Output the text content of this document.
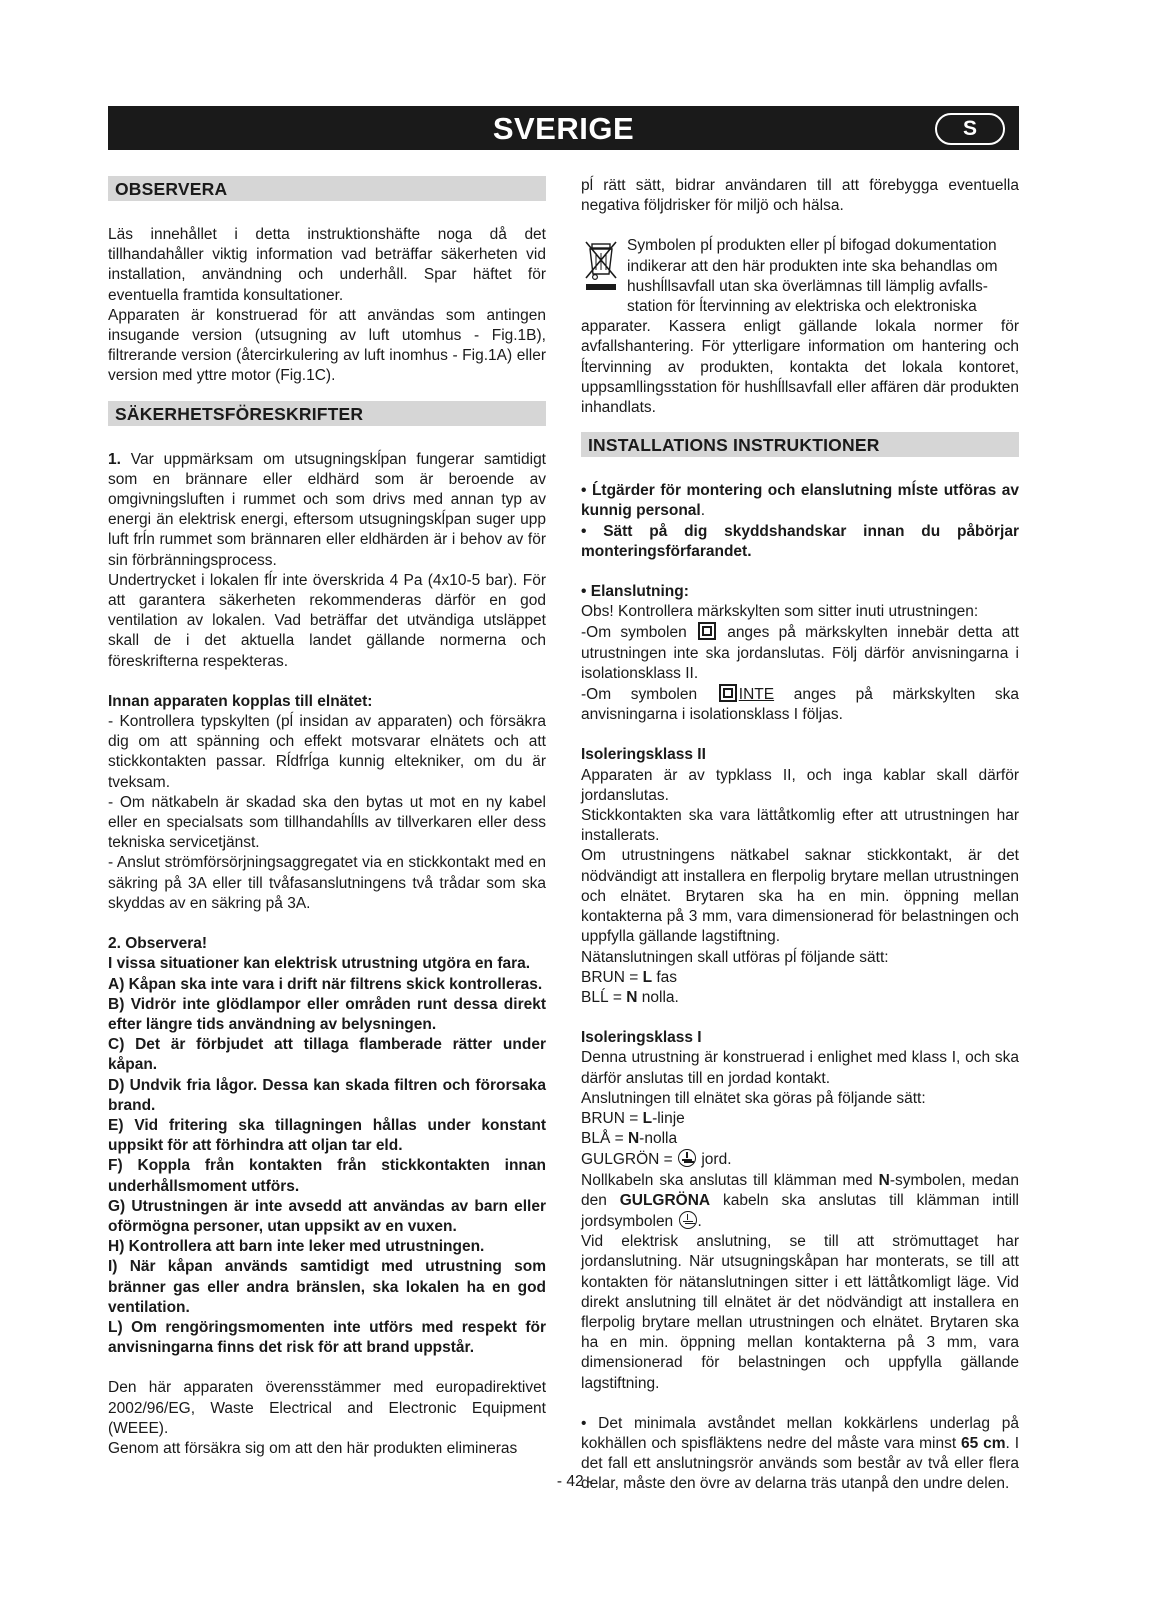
SVERIGE	S
OBSERVERA

Läs innehållet i detta instruktionshäfte noga då det tillhandahåller viktig information vad beträffar säkerheten vid installation, användning och underhåll. Spar häftet för eventuella framtida konsultationer.

Apparaten är konstruerad för att användas som antingen insugande version (utsugning av luft utomhus - Fig.1B), filtrerande version (återcirkulering av luft inomhus - Fig.1A) eller version med yttre motor (Fig.1C).

SÄKERHETSFÖRESKRIFTER

1. Var uppmärksam om utsugningskĺpan fungerar samtidigt som en brännare eller eldhärd som är beroende av omgivningsluften i rummet och som drivs med annan typ av energi än elektrisk energi, eftersom utsugningskĺpan suger upp luft frĺn rummet som brännaren eller eldhärden är i behov av för sin förbränningsprocess.

Undertrycket i lokalen fĺr inte överskrida 4 Pa (4x10-5 bar). För att garantera säkerheten rekommenderas därför en god ventilation av lokalen. Vad beträffar det utvändiga utsläppet skall de i det aktuella landet gällande normerna och föreskrifterna respekteras.

Innan apparaten kopplas till elnätet:

- Kontrollera typskylten (pĺ insidan av apparaten) och försäkra dig om att spänning och effekt motsvarar elnätets och att stickkontakten passar. Rĺdfrĺga kunnig eltekniker, om du är tveksam.

- Om nätkabeln är skadad ska den bytas ut mot en ny kabel eller en specialsats som tillhandahĺlls av tillverkaren eller dess tekniska servicetjänst.

- Anslut strömförsörjningsaggregatet via en stickkontakt med en säkring på 3A eller till tvåfasanslutningens två trådar som ska skyddas av en säkring på 3A.

2. Observera!

I vissa situationer kan elektrisk utrustning utgöra en fara.

A) Kåpan ska inte vara i drift när filtrens skick kontrolleras.

B) Vidrör inte glödlampor eller områden runt dessa direkt efter längre tids användning av belysningen.

C) Det är förbjudet att tillaga flamberade rätter under kåpan.

D) Undvik fria lågor. Dessa kan skada filtren och förorsaka brand.

E) Vid fritering ska tillagningen hållas under konstant uppsikt för att förhindra att oljan tar eld.

F) Koppla från kontakten från stickkontakten innan underhållsmoment utförs.

G) Utrustningen är inte avsedd att användas av barn eller oförmögna personer, utan uppsikt av en vuxen.

H) Kontrollera att barn inte leker med utrustningen.

I) När kåpan används samtidigt med utrustning som bränner gas eller andra bränslen, ska lokalen ha en god ventilation.

L) Om rengöringsmomenten inte utförs med respekt för anvisningarna finns det risk för att brand uppstår.

Den här apparaten överensstämmer med europadirektivet 2002/96/EG, Waste Electrical and Electronic Equipment (WEEE).

Genom att försäkra sig om att den här produkten elimineras

pĺ rätt sätt, bidrar användaren till att förebygga eventuella negativa följdrisker för miljö och hälsa.

Symbolen pĺ produkten eller pĺ bifogad dokumentation

indikerar att den här produkten inte ska behandlas om

hushĺllsavfall utan ska överlämnas till lämplig avfalls-

station för ĺtervinning av elektriska och elektroniska

apparater. Kassera enligt gällande lokala normer för avfallshantering. För ytterligare information om hantering och ĺtervinning av produkten, kontakta det lokala kontoret, uppsamllingsstation för hushĺllsavfall eller affären där produkten inhandlats.

INSTALLATIONS INSTRUKTIONER

• Ĺtgärder för montering och elanslutning mĺste utföras av kunnig personal.

• Sätt på dig skyddshandskar innan du påbörjar monteringsförfarandet.

• Elanslutning:

Obs! Kontrollera märkskylten som sitter inuti utrustningen:

-Om symbolen  anges på märkskylten innebär detta att utrustningen inte ska jordanslutas. Följ därför anvisningarna i isolationsklass II.

-Om symbolen INTE anges på märkskylten ska anvisningarna i isolationsklass I följas.

Isoleringsklass II

Apparaten är av typklass II, och inga kablar skall därför jordanslutas.

Stickkontakten ska vara lättåtkomlig efter att utrustningen har installerats.

Om utrustningens nätkabel saknar stickkontakt, är det nödvändigt att installera en flerpolig brytare mellan utrustningen och elnätet. Brytaren ska ha en min. öppning mellan kontakterna på 3 mm, vara dimensionerad för belastningen och uppfylla gällande lagstiftning.

Nätanslutningen skall utföras pĺ följande sätt:

BRUN = L fas

BLĹ = N nolla.

Isoleringsklass I

Denna utrustning är konstruerad i enlighet med klass I, och ska därför anslutas till en jordad kontakt.

Anslutningen till elnätet ska göras på följande sätt:

BRUN = L-linje

BLÅ = N-nolla

GULGRÖN =  jord.

Nollkabeln ska anslutas till klämman med N-symbolen, medan den GULGRÖNA kabeln ska anslutas till klämman intill jordsymbolen .

Vid elektrisk anslutning, se till att strömuttaget har jordanslutning. När utsugningskåpan har monterats, se till att kontakten för nätanslutningen sitter i ett lättåtkomligt läge. Vid direkt anslutning till elnätet är det nödvändigt att installera en flerpolig brytare mellan utrustningen och elnätet. Brytaren ska ha en min. öppning mellan kontakterna på 3 mm, vara dimensionerad för belastningen och uppfylla gällande lagstiftning.

• Det minimala avståndet mellan kokkärlens underlag på kokhällen och spisfläktens nedre del måste vara minst 65 cm. I det fall ett anslutningsrör används som består av två eller flera delar, måste den övre av delarna träs utanpå den undre delen.

- 42 -
